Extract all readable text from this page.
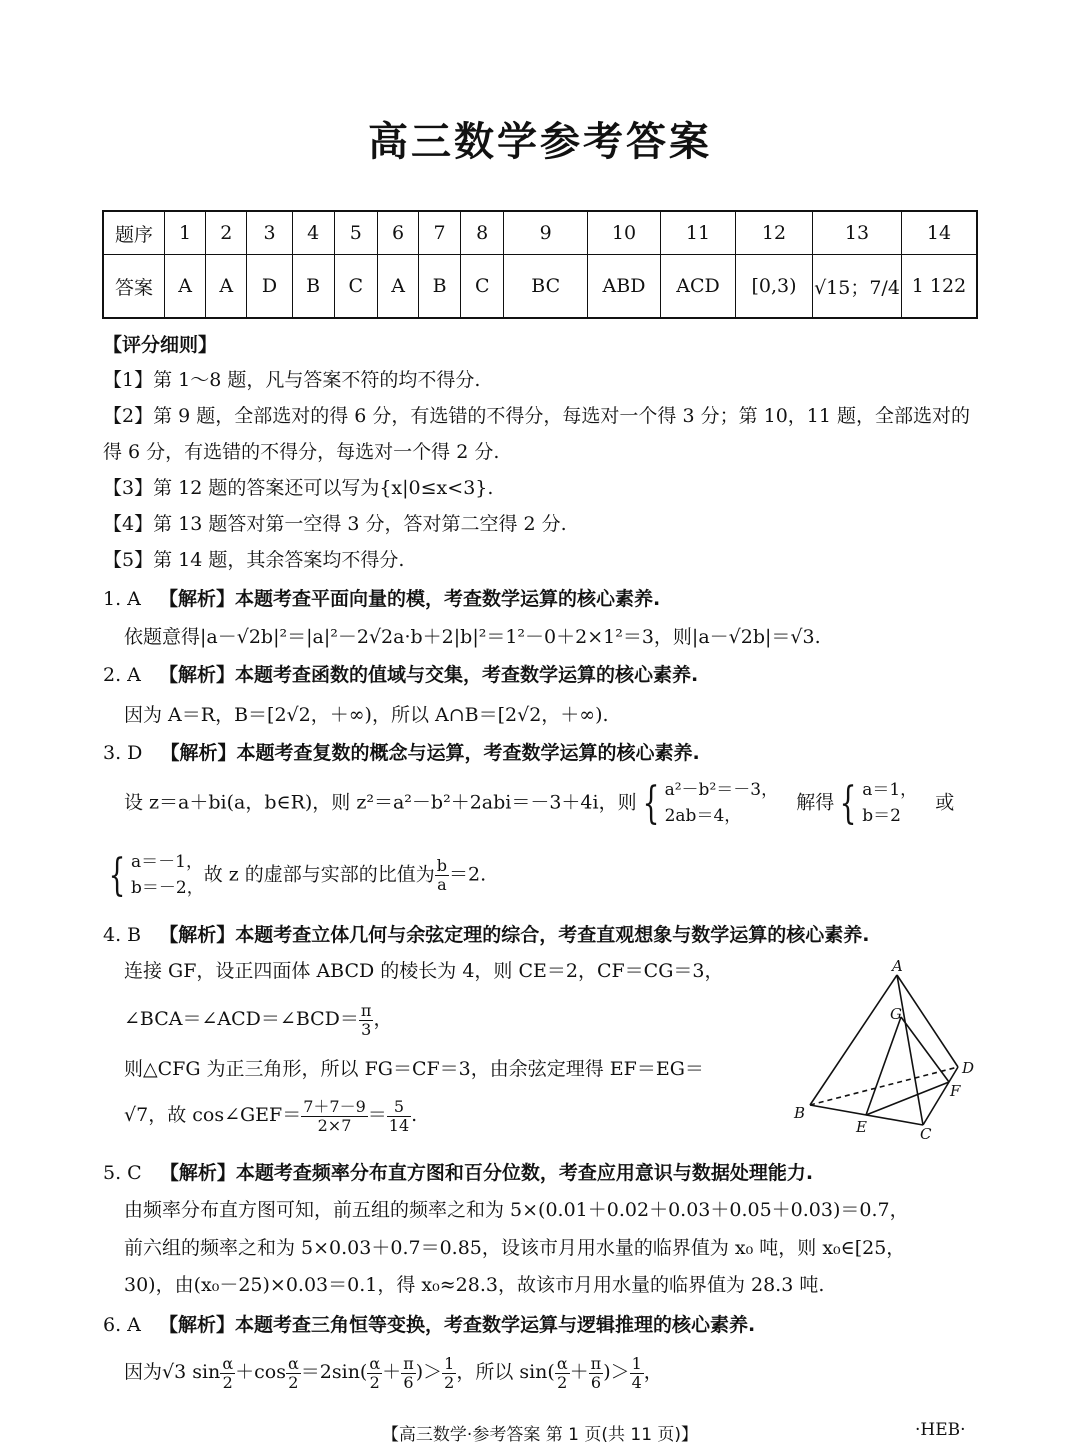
高三数学参考答案
题序	1	2	3	4	5	6	7	8	9	10	11	12	13	14
答案	A	A	D	B	C	A	B	C	BC	ABD	ACD	[0,3)	√15；7/4	1 122
【评分细则】
【1】第 1～8 题，凡与答案不符的均不得分.
【2】第 9 题，全部选对的得 6 分，有选错的不得分，每选对一个得 3 分；第 10，11 题，全部选对的
得 6 分，有选错的不得分，每选对一个得 2 分.
【3】第 12 题的答案还可以写为{x|0≤x<3}.
【4】第 13 题答对第一空得 3 分，答对第二空得 2 分.
【5】第 14 题，其余答案均不得分.
1. A 【解析】本题考查平面向量的模，考查数学运算的核心素养.
依题意得|a－√2b|²＝|a|²－2√2a·b＋2|b|²＝1²－0＋2×1²＝3，则|a－√2b|＝√3.
2. A 【解析】本题考查函数的值域与交集，考查数学运算的核心素养.
因为 A＝R，B＝[2√2，＋∞)，所以 A∩B＝[2√2，＋∞).
3. D 【解析】本题考查复数的概念与运算，考查数学运算的核心素养.
设 z＝a＋bi(a，b∈R)，则 z²＝a²－b²＋2abi＝－3＋4i，则 { a²－b²＝－3，
2ab＝4，   解得 { a＝1，
b＝2   或
{ a＝－1，
b＝－2，故 z 的虚部与实部的比值为 $\frac{b}{a} =2$.
4. B 【解析】本题考查立体几何与余弦定理的综合，考查直观想象与数学运算的核心素养.
连接 GF，设正四面体 ABCD 的棱长为 4，则 CE＝2，CF＝CG＝3，
∠BCA＝∠ACD＝∠BCD＝ $\frac{\pi}{3}$ ，
则△CFG 为正三角形，所以 FG＝CF＝3，由余弦定理得 EF＝EG＝
√7，故 cos∠GEF＝ $\frac{7+7-9}{2\times 7} = \frac{5}{14}$ .
A
G
D
F
B
E	C
5. C 【解析】本题考查频率分布直方图和百分位数，考查应用意识与数据处理能力.
由频率分布直方图可知，前五组的频率之和为 5×(0.01＋0.02＋0.03＋0.05＋0.03)＝0.7，
前六组的频率之和为 5×0.03＋0.7＝0.85，设该市月用水量的临界值为 x₀ 吨，则 x₀∈[25，
30)，由(x₀－25)×0.03＝0.1，得 x₀≈28.3，故该市月用水量的临界值为 28.3 吨.
6. A 【解析】本题考查三角恒等变换，考查数学运算与逻辑推理的核心素养.
因为√3 $\sin \frac{\alpha}{2} +\cos \frac{\alpha}{2} =2\sin( \frac{\alpha}{2} + \frac{\pi}{6}$ )＞ $\frac{1}{2}$ ，所以 $\sin( \frac{\alpha}{2} + \frac{\pi}{6}$ )＞ $\frac{1}{4}$ ，
【高三数学·参考答案 第 1 页(共 11 页)】	·HEB·
